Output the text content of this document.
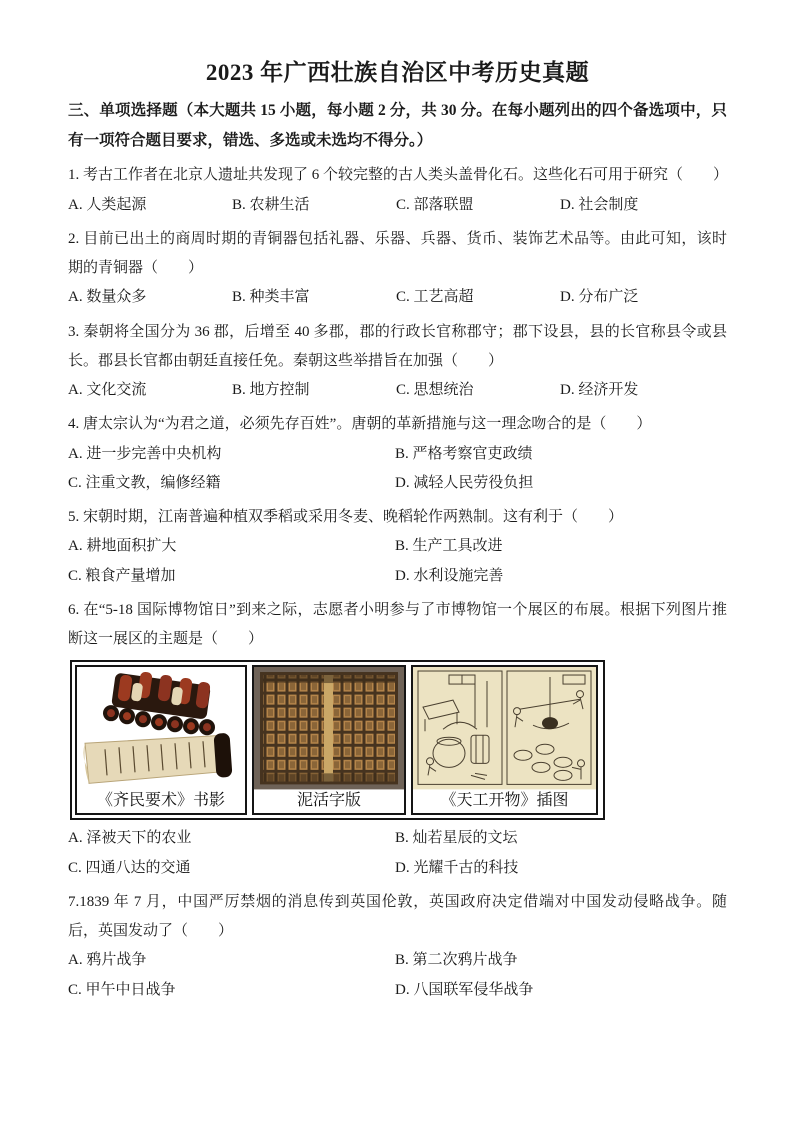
2023 年广西壮族自治区中考历史真题

三、单项选择题（本大题共 15 小题，每小题 2 分，共 30 分。在每小题列出的四个备选项中，只有一项符合题目要求，错选、多选或未选均不得分。）

1. 考古工作者在北京人遗址共发现了 6 个较完整的古人类头盖骨化石。这些化石可用于研究（　　）

A. 人类起源	B. 农耕生活	C. 部落联盟	D. 社会制度

2. 目前已出土的商周时期的青铜器包括礼器、乐器、兵器、货币、装饰艺术品等。由此可知，该时期的青铜器（　　）

A. 数量众多	B. 种类丰富	C. 工艺高超	D. 分布广泛

3. 秦朝将全国分为 36 郡，后增至 40 多郡，郡的行政长官称郡守；郡下设县，县的长官称县令或县长。郡县长官都由朝廷直接任免。秦朝这些举措旨在加强（　　）

A. 文化交流	B. 地方控制	C. 思想统治	D. 经济开发

4. 唐太宗认为“为君之道，必须先存百姓”。唐朝的革新措施与这一理念吻合的是（　　）

A. 进一步完善中央机构	B. 严格考察官吏政绩
C. 注重文教，编修经籍	D. 减轻人民劳役负担

5. 宋朝时期，江南普遍种植双季稻或采用冬麦、晚稻轮作两熟制。这有利于（　　）

A. 耕地面积扩大	B. 生产工具改进
C. 粮食产量增加	D. 水利设施完善

6. 在“5-18 国际博物馆日”到来之际，志愿者小明参与了市博物馆一个展区的布展。根据下列图片推断这一展区的主题是（　　）

《齐民要术》书影	泥活字版	《天工开物》插图
A. 泽被天下的农业	B. 灿若星辰的文坛
C. 四通八达的交通	D. 光耀千古的科技

7.1839 年 7 月，中国严厉禁烟的消息传到英国伦敦，英国政府决定借端对中国发动侵略战争。随后，英国发动了（　　）

A. 鸦片战争	B. 第二次鸦片战争
C. 甲午中日战争	D. 八国联军侵华战争
